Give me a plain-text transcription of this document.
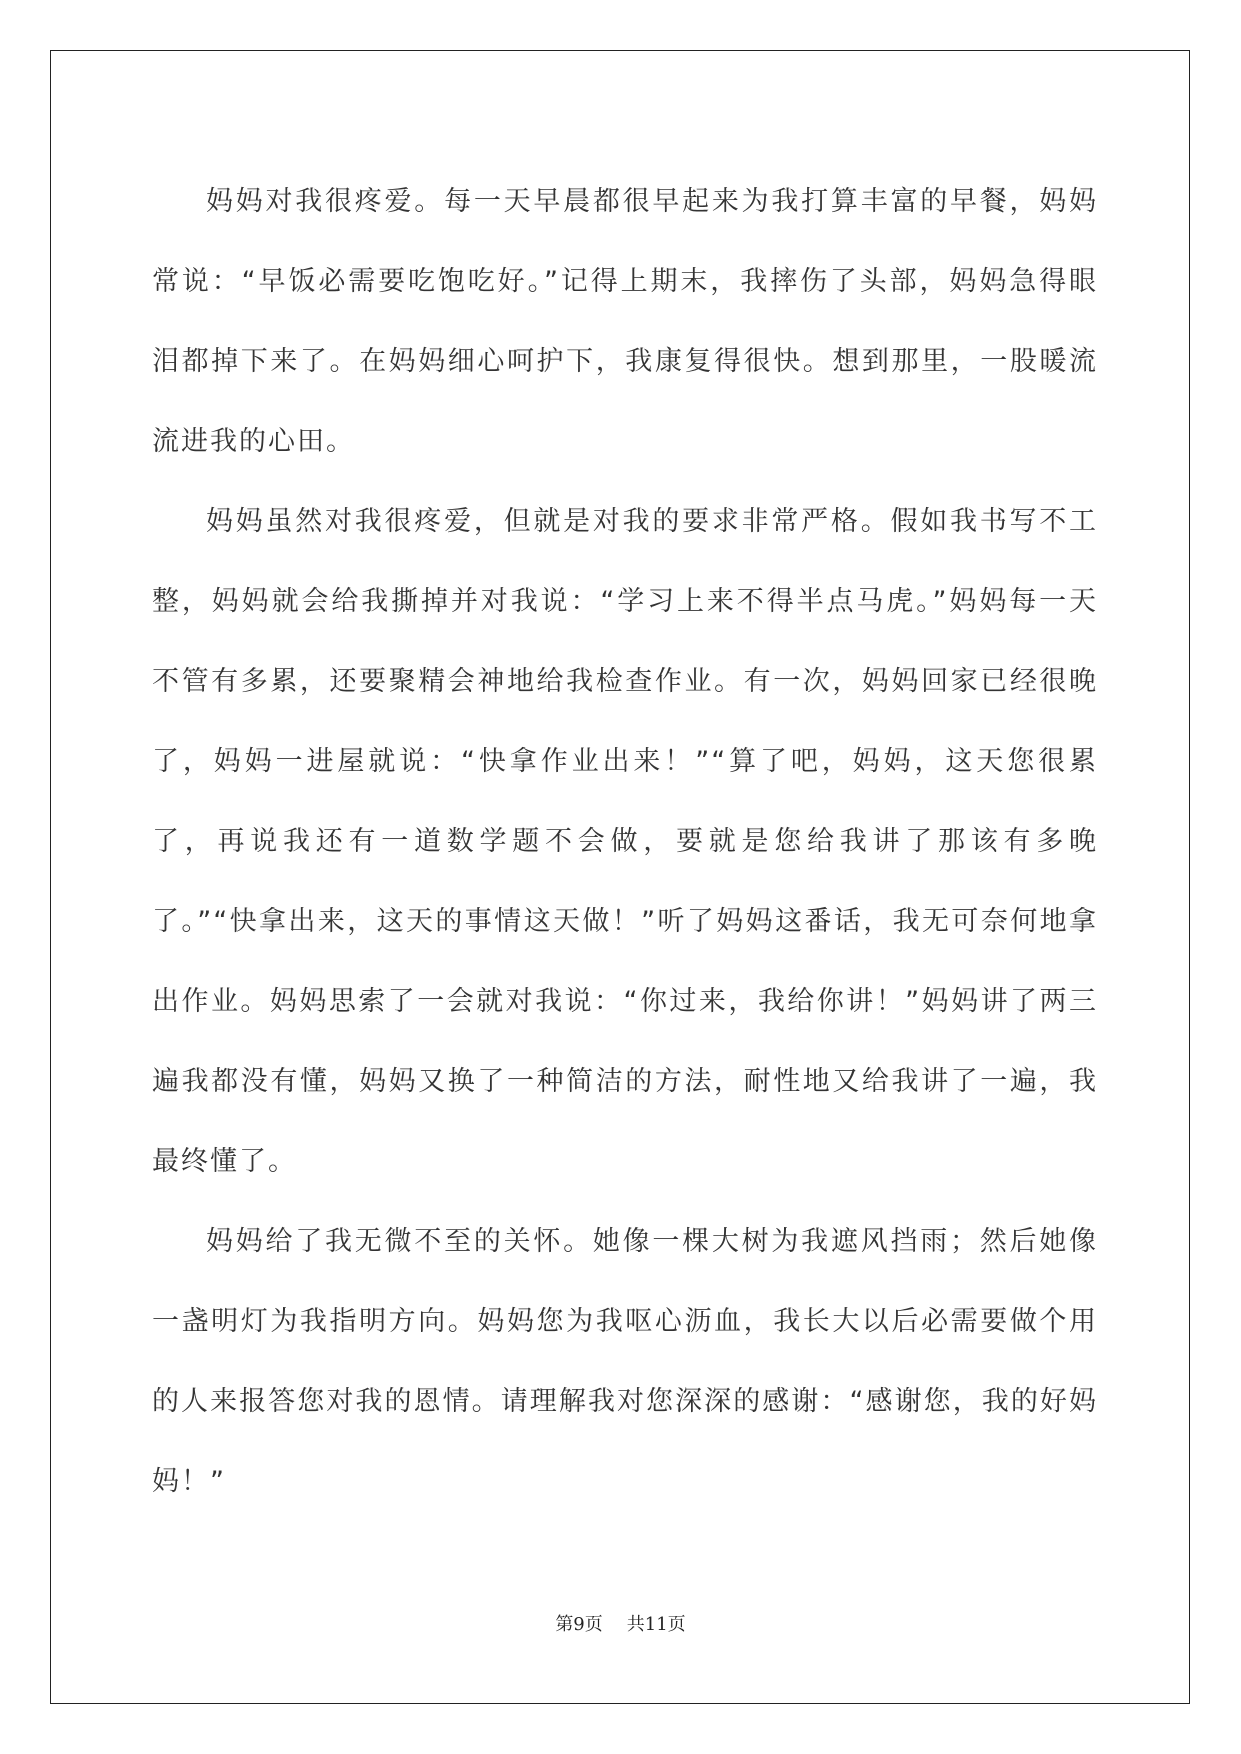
妈妈对我很疼爱。每一天早晨都很早起来为我打算丰富的早餐，妈妈常说：“早饭必需要吃饱吃好。”记得上期末，我摔伤了头部，妈妈急得眼泪都掉下来了。在妈妈细心呵护下，我康复得很快。想到那里，一股暖流流进我的心田。

妈妈虽然对我很疼爱，但就是对我的要求非常严格。假如我书写不工整，妈妈就会给我撕掉并对我说：“学习上来不得半点马虎。”妈妈每一天不管有多累，还要聚精会神地给我检查作业。有一次，妈妈回家已经很晚了，妈妈一进屋就说：“快拿作业出来！”“算了吧，妈妈，这天您很累了，再说我还有一道数学题不会做，要就是您给我讲了那该有多晚了。”“快拿出来，这天的事情这天做！”听了妈妈这番话，我无可奈何地拿出作业。妈妈思索了一会就对我说：“你过来，我给你讲！”妈妈讲了两三遍我都没有懂，妈妈又换了一种简洁的方法，耐性地又给我讲了一遍，我最终懂了。

妈妈给了我无微不至的关怀。她像一棵大树为我遮风挡雨；然后她像一盏明灯为我指明方向。妈妈您为我呕心沥血，我长大以后必需要做个用的人来报答您对我的恩情。请理解我对您深深的感谢：“感谢您，我的好妈妈！”

第9页 共11页
